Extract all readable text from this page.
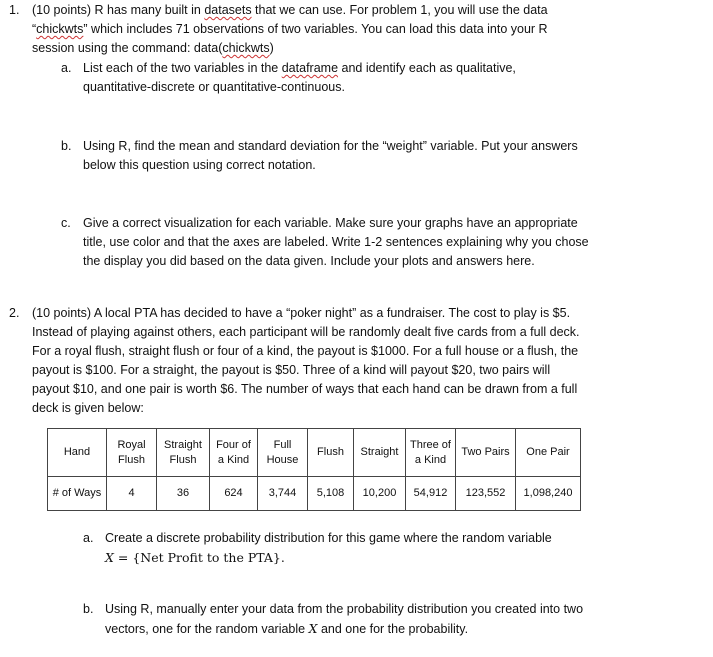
1. (10 points) R has many built in datasets that we can use. For problem 1, you will use the data
“chickwts” which includes 71 observations of two variables. You can load this data into your R
session using the command: data(chickwts)
a. List each of the two variables in the dataframe and identify each as qualitative,
quantitative-discrete or quantitative-continuous.
b. Using R, find the mean and standard deviation for the “weight” variable. Put your answers
below this question using correct notation.
c. Give a correct visualization for each variable. Make sure your graphs have an appropriate
title, use color and that the axes are labeled. Write 1-2 sentences explaining why you chose
the display you did based on the data given. Include your plots and answers here.
2. (10 points) A local PTA has decided to have a “poker night” as a fundraiser. The cost to play is $5.
Instead of playing against others, each participant will be randomly dealt five cards from a full deck.
For a royal flush, straight flush or four of a kind, the payout is $1000. For a full house or a flush, the
payout is $100. For a straight, the payout is $50. Three of a kind will payout $20, two pairs will
payout $10, and one pair is worth $6. The number of ways that each hand can be drawn from a full
deck is given below:
Hand	Royal Flush	Straight Flush	Four of a Kind	Full House	Flush	Straight	Three of a Kind	Two Pairs	One Pair
# of Ways	4	36	624	3,744	5,108	10,200	54,912	123,552	1,098,240
a. Create a discrete probability distribution for this game where the random variable
X = {Net Profit to the PTA}.
b. Using R, manually enter your data from the probability distribution you created into two
vectors, one for the random variable X and one for the probability.
